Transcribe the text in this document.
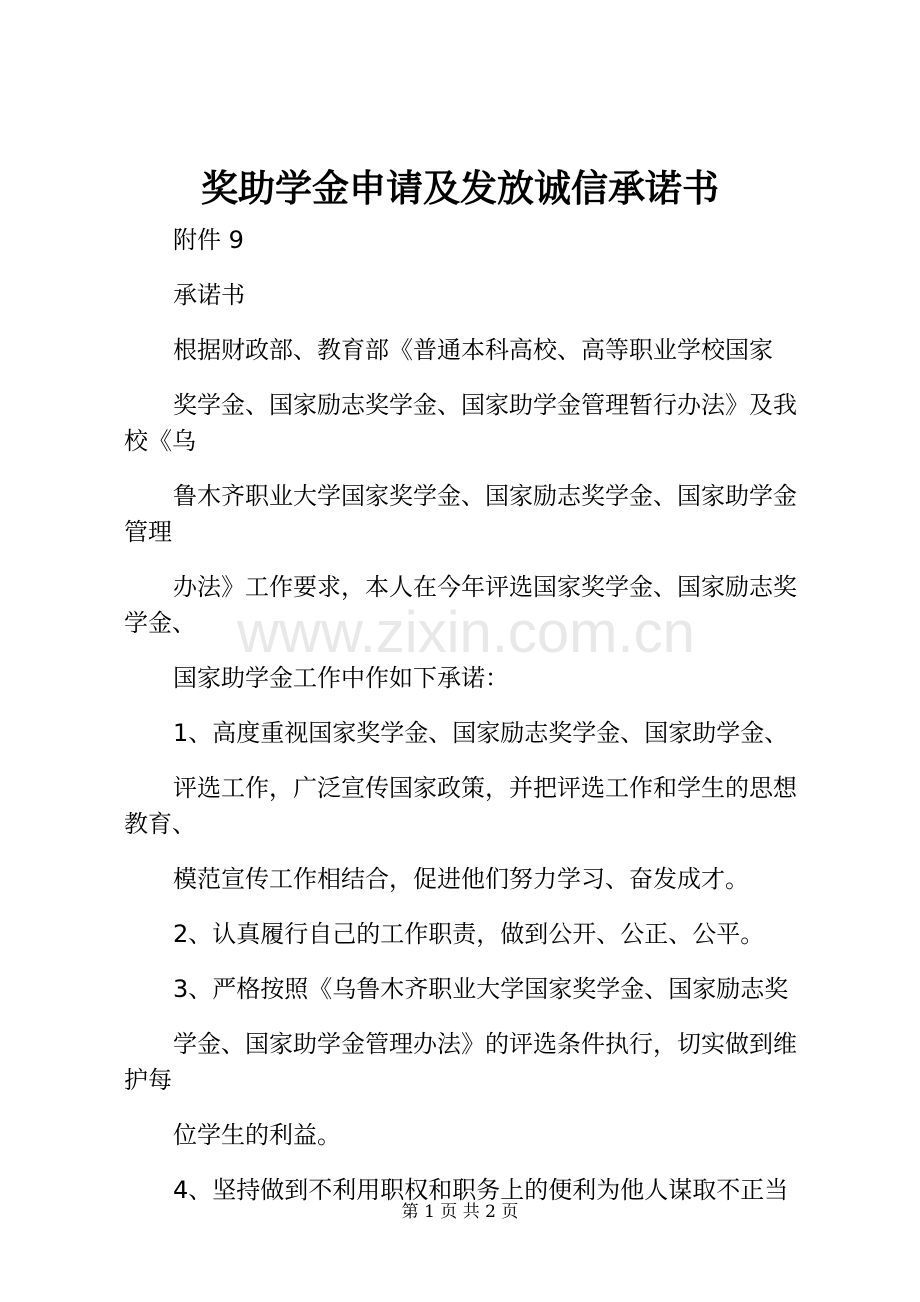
奖助学金申请及发放诚信承诺书
附件 9
承诺书
根据财政部、教育部《普通本科高校、高等职业学校国家
奖学金、国家励志奖学金、国家助学金管理暂行办法》及我
校《乌
鲁木齐职业大学国家奖学金、国家励志奖学金、国家助学金
管理
办法》工作要求，本人在今年评选国家奖学金、国家励志奖
学金、
国家助学金工作中作如下承诺：
1、高度重视国家奖学金、国家励志奖学金、国家助学金、
评选工作，广泛宣传国家政策，并把评选工作和学生的思想
教育、
模范宣传工作相结合，促进他们努力学习、奋发成才。
2、认真履行自己的工作职责，做到公开、公正、公平。
3、严格按照《乌鲁木齐职业大学国家奖学金、国家励志奖
学金、国家助学金管理办法》的评选条件执行，切实做到维
护每
位学生的利益。
4、坚持做到不利用职权和职务上的便利为他人谋取不正当
www.zixin.com.cn
第 1 页 共 2 页
